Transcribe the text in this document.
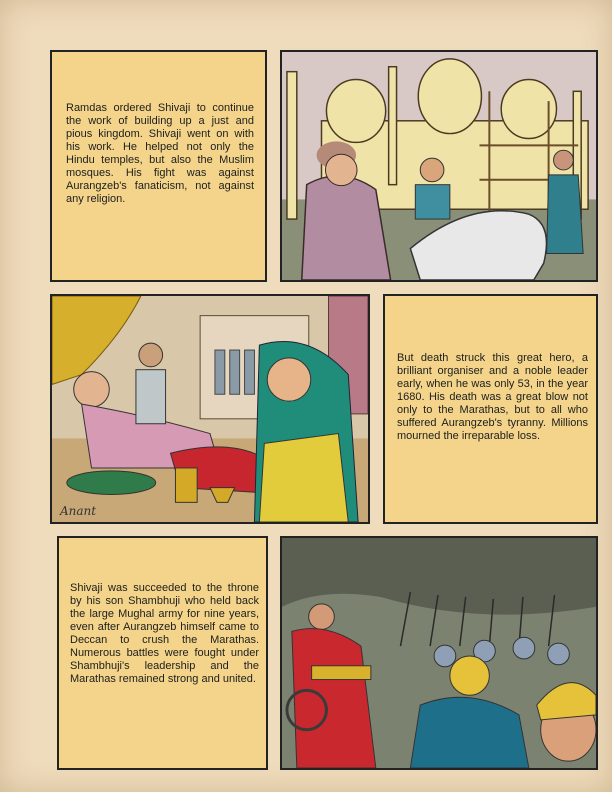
Ramdas ordered Shivaji to continue the work of building up a just and pious kingdom. Shivaji went on with his work. He helped not only the Hindu temples, but also the Muslim mosques. His fight was against Aurangzeb's fanaticism, not against any religion.

Anant

But death struck this great hero, a brilliant organiser and a noble leader early, when he was only 53, in the year 1680. His death was a great blow not only to the Marathas, but to all who suffered Aurangzeb's tyranny. Millions mourned the irreparable loss.

Shivaji was succeeded to the throne by his son Shambhuji who held back the large Mughal army for nine years, even after Aurangzeb himself came to Deccan to crush the Marathas. Numerous battles were fought under Shambhuji's leadership and the Marathas remained strong and united.
